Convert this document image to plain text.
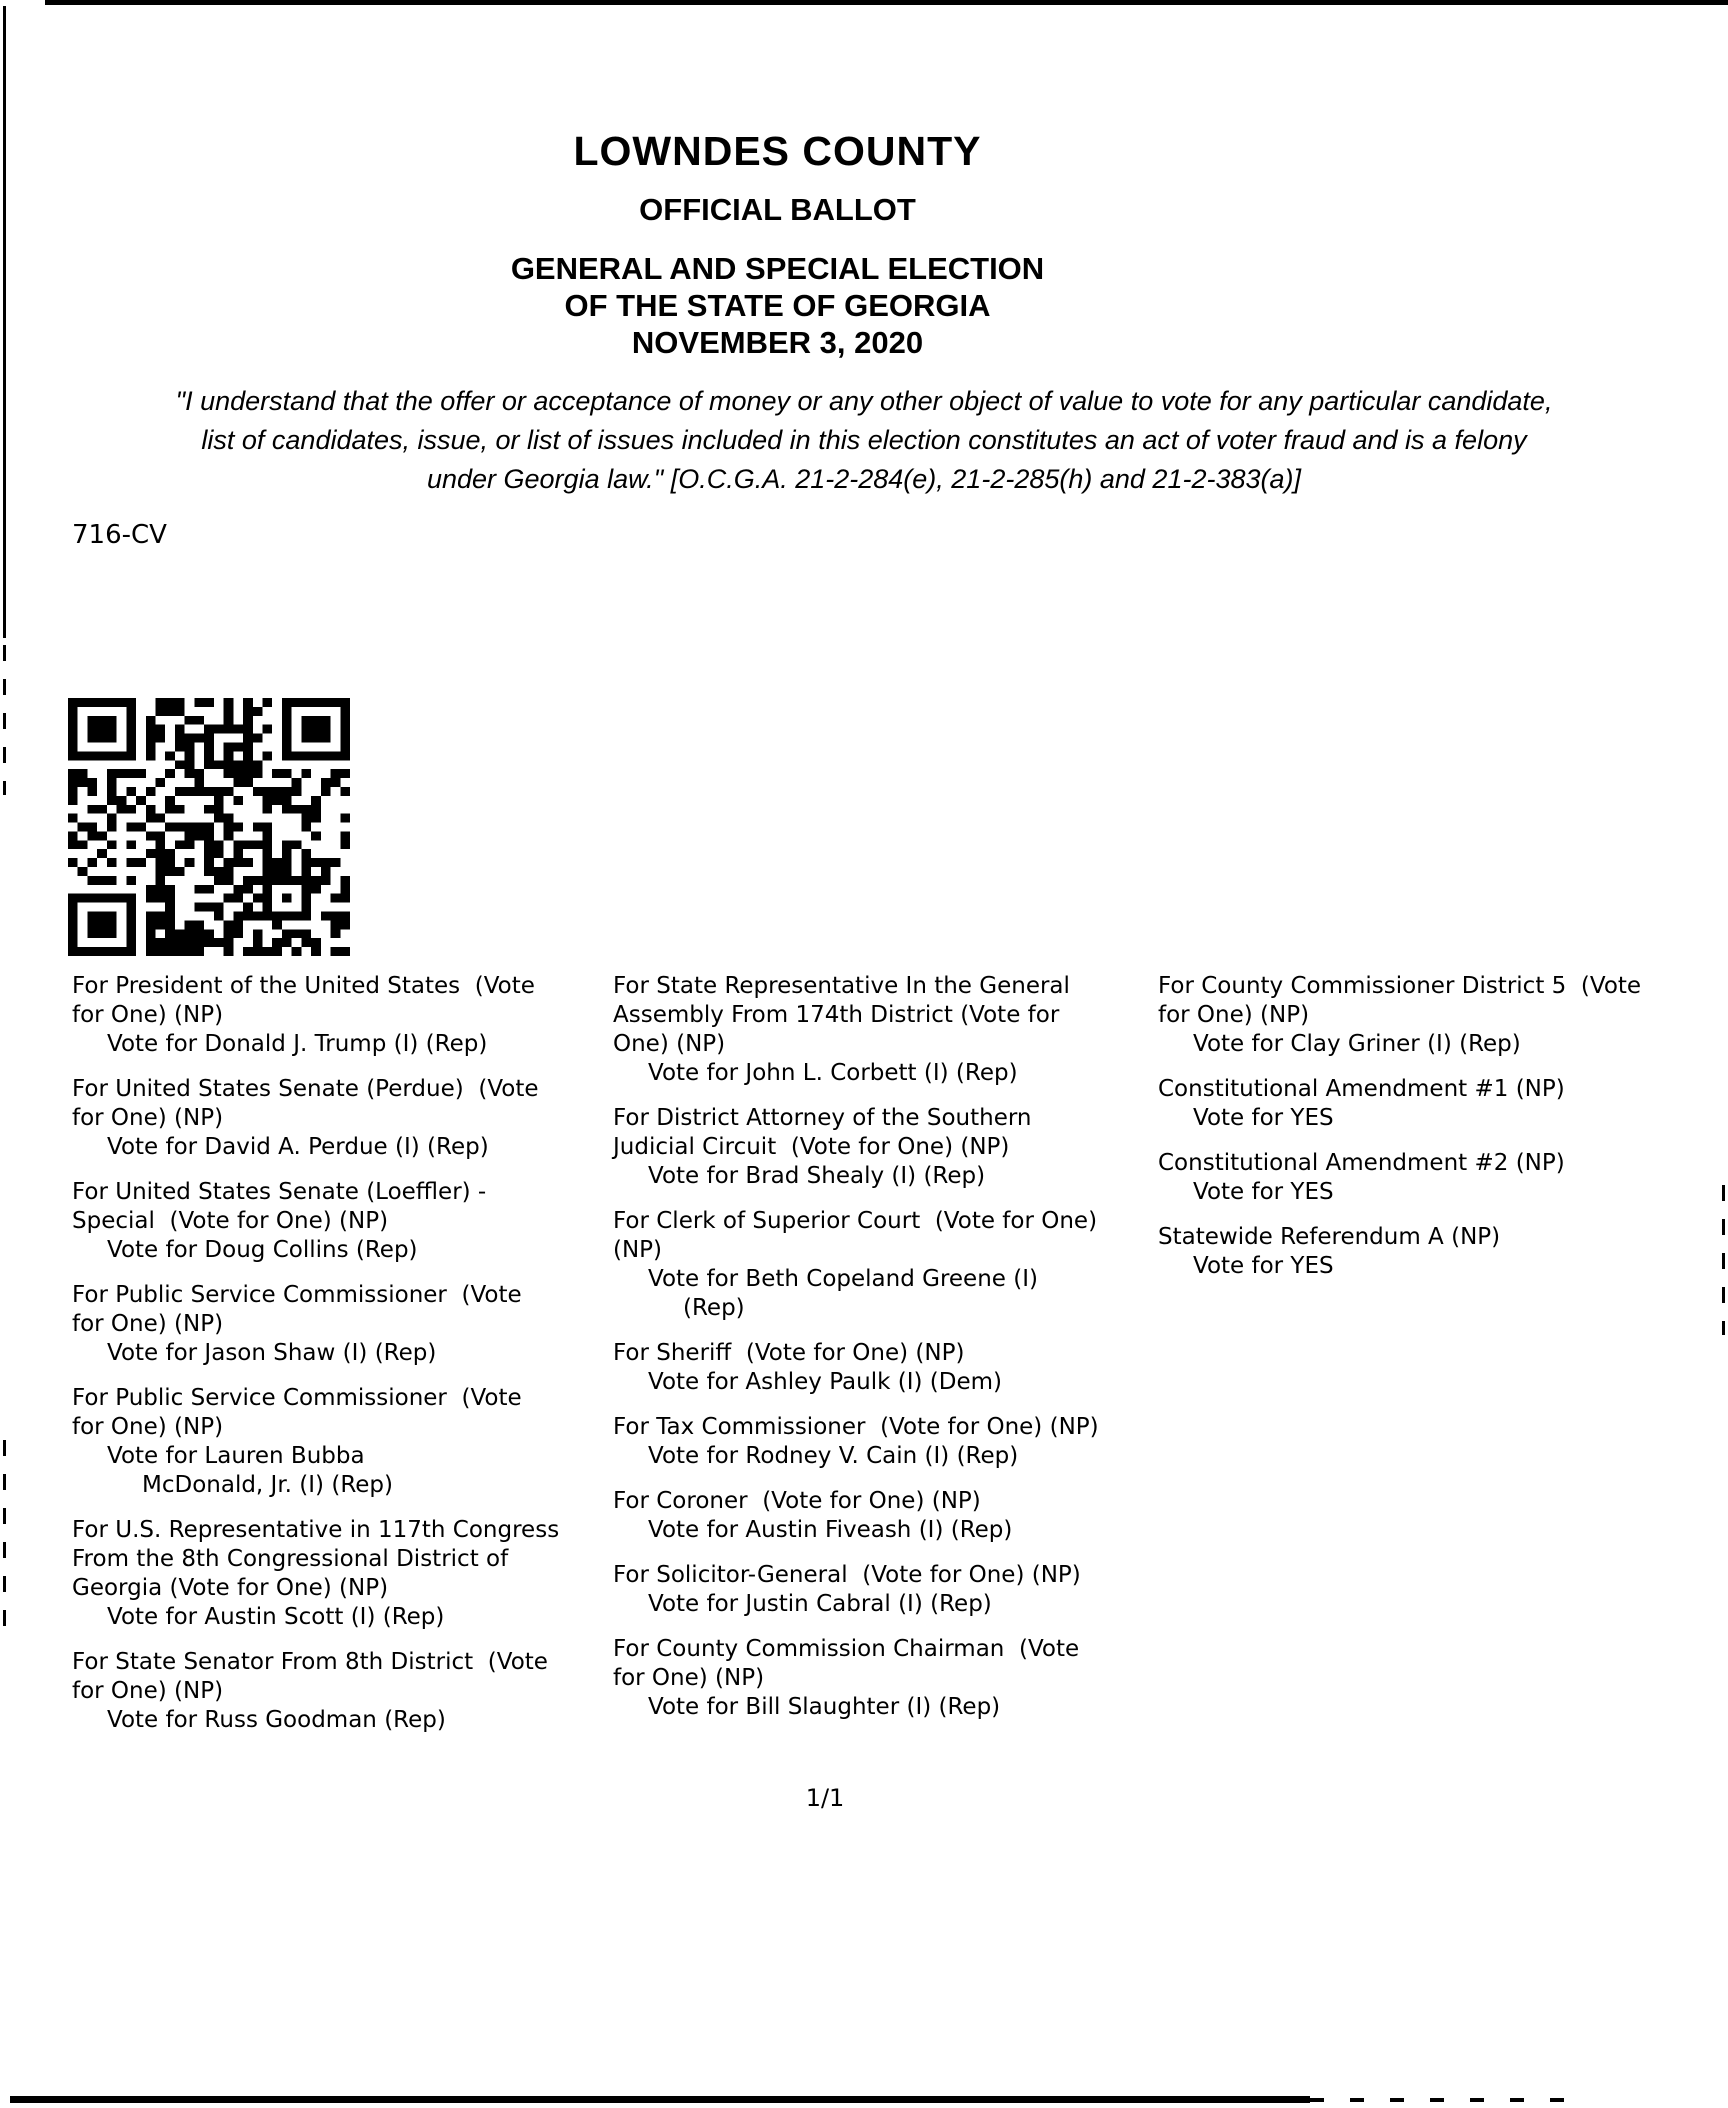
LOWNDES COUNTY
OFFICIAL BALLOT
GENERAL AND SPECIAL ELECTION
OF THE STATE OF GEORGIA
NOVEMBER 3, 2020
"I understand that the offer or acceptance of money or any other object of value to vote for any particular candidate,
list of candidates, issue, or list of issues included in this election constitutes an act of voter fraud and is a felony
under Georgia law." [O.C.G.A. 21-2-284(e), 21-2-285(h) and 21-2-383(a)]
716-CV
For President of the United States  (Vote
for One) (NP)
Vote for Donald J. Trump (I) (Rep)
For United States Senate (Perdue)  (Vote
for One) (NP)
Vote for David A. Perdue (I) (Rep)
For United States Senate (Loeffler) -
Special  (Vote for One) (NP)
Vote for Doug Collins (Rep)
For Public Service Commissioner  (Vote
for One) (NP)
Vote for Jason Shaw (I) (Rep)
For Public Service Commissioner  (Vote
for One) (NP)
Vote for Lauren Bubba
McDonald, Jr. (I) (Rep)
For U.S. Representative in 117th Congress
From the 8th Congressional District of
Georgia (Vote for One) (NP)
Vote for Austin Scott (I) (Rep)
For State Senator From 8th District  (Vote
for One) (NP)
Vote for Russ Goodman (Rep)
For State Representative In the General
Assembly From 174th District (Vote for
One) (NP)
Vote for John L. Corbett (I) (Rep)
For District Attorney of the Southern
Judicial Circuit  (Vote for One) (NP)
Vote for Brad Shealy (I) (Rep)
For Clerk of Superior Court  (Vote for One)
(NP)
Vote for Beth Copeland Greene (I)
(Rep)
For Sheriff  (Vote for One) (NP)
Vote for Ashley Paulk (I) (Dem)
For Tax Commissioner  (Vote for One) (NP)
Vote for Rodney V. Cain (I) (Rep)
For Coroner  (Vote for One) (NP)
Vote for Austin Fiveash (I) (Rep)
For Solicitor-General  (Vote for One) (NP)
Vote for Justin Cabral (I) (Rep)
For County Commission Chairman  (Vote
for One) (NP)
Vote for Bill Slaughter (I) (Rep)
For County Commissioner District 5  (Vote
for One) (NP)
Vote for Clay Griner (I) (Rep)
Constitutional Amendment #1 (NP)
Vote for YES
Constitutional Amendment #2 (NP)
Vote for YES
Statewide Referendum A (NP)
Vote for YES
1/1
